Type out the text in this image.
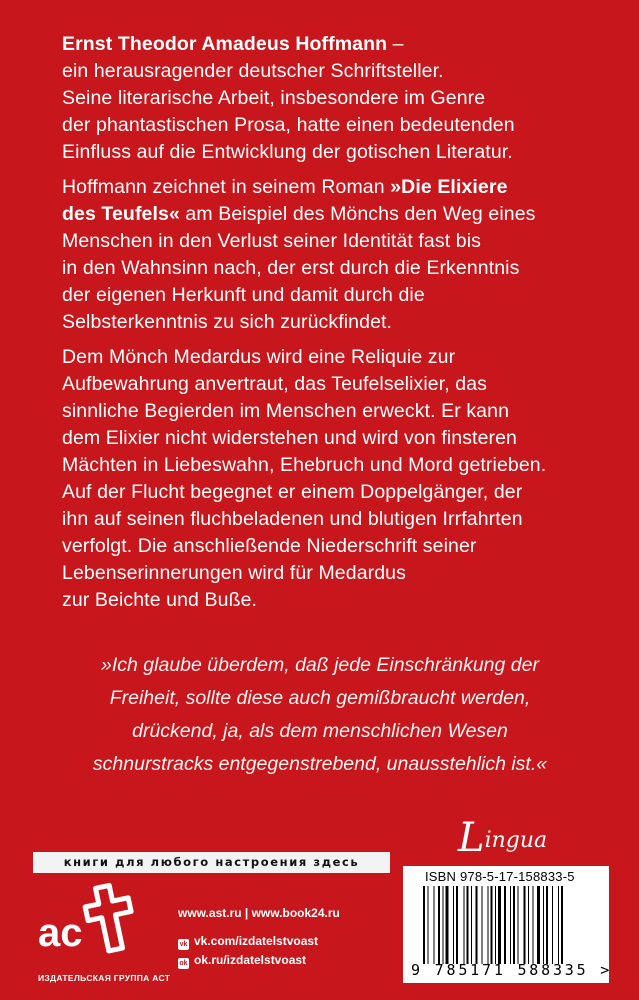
Ernst Theodor Amadeus Hoffmann –
ein herausragender deutscher Schriftsteller.
Seine literarische Arbeit, insbesondere im Genre
der phantastischen Prosa, hatte einen bedeutenden
Einfluss auf die Entwicklung der gotischen Literatur.
Hoffmann zeichnet in seinem Roman »Die Elixiere
des Teufels« am Beispiel des Mönchs den Weg eines
Menschen in den Verlust seiner Identität fast bis
in den Wahnsinn nach, der erst durch die Erkenntnis
der eigenen Herkunft und damit durch die
Selbsterkenntnis zu sich zurückfindet.
Dem Mönch Medardus wird eine Reliquie zur
Aufbewahrung anvertraut, das Teufelselixier, das
sinnliche Begierden im Menschen erweckt. Er kann
dem Elixier nicht widerstehen und wird von finsteren
Mächten in Liebeswahn, Ehebruch und Mord getrieben.
Auf der Flucht begegnet er einem Doppelgänger, der
ihn auf seinen fluchbeladenen und blutigen Irrfahrten
verfolgt. Die anschließende Niederschrift seiner
Lebenserinnerungen wird für Medardus
zur Beichte und Buße.
»Ich glaube überdem, daß jede Einschränkung der
Freiheit, sollte diese auch gemißbraucht werden,
drückend, ja, als dem menschlichen Wesen
schnurstracks entgegenstrebend, unausstehlich ist.«
Lingua
книги для любого настроения здесь
ac
ИЗДАТЕЛЬСКАЯ ГРУППА АСТ
www.ast.ru | www.book24.ru
vk vk.com/izdatelstvoast
ok ok.ru/izdatelstvoast
ISBN 978-5-17-158833-5
9 785171 588335 >
